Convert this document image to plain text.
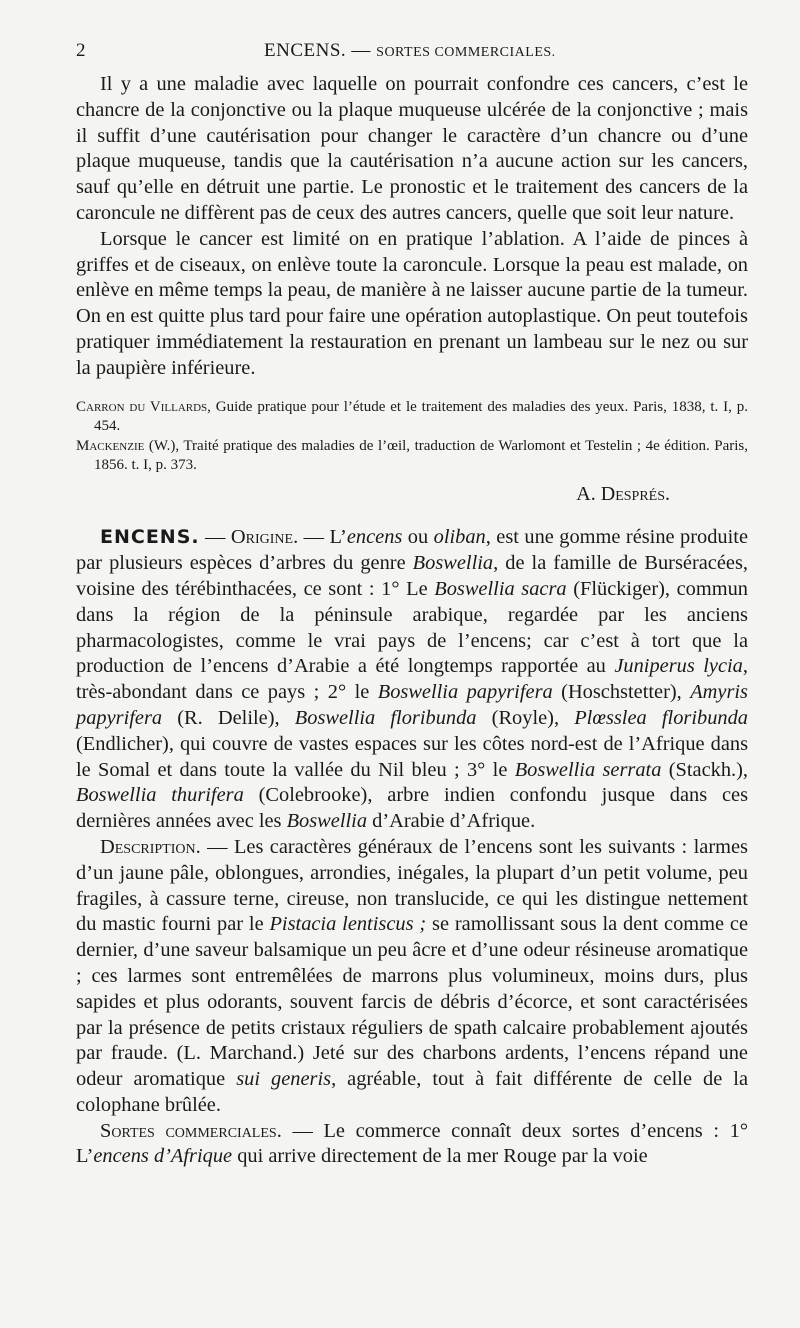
2	ENCENS. — SORTES COMMERCIALES.

Il y a une maladie avec laquelle on pourrait confondre ces cancers, c’est le chancre de la conjonctive ou la plaque muqueuse ulcérée de la conjonctive ; mais il suffit d’une cautérisation pour changer le caractère d’un chancre ou d’une plaque muqueuse, tandis que la cautérisation n’a aucune action sur les cancers, sauf qu’elle en détruit une partie. Le pronostic et le traitement des cancers de la caroncule ne diffèrent pas de ceux des autres cancers, quelle que soit leur nature.

Lorsque le cancer est limité on en pratique l’ablation. A l’aide de pinces à griffes et de ciseaux, on enlève toute la caroncule. Lorsque la peau est malade, on enlève en même temps la peau, de manière à ne laisser aucune partie de la tumeur. On en est quitte plus tard pour faire une opération autoplastique. On peut toutefois pratiquer immédiatement la restauration en prenant un lambeau sur le nez ou sur la paupière inférieure.

Carron du Villards, Guide pratique pour l’étude et le traitement des maladies des yeux. Paris, 1838, t. I, p. 454.

Mackenzie (W.), Traité pratique des maladies de l’œil, traduction de Warlomont et Testelin ; 4e édition. Paris, 1856. t. I, p. 373.

A. Després.

ENCENS. — Origine. — L’encens ou oliban, est une gomme résine produite par plusieurs espèces d’arbres du genre Boswellia, de la famille de Burséracées, voisine des térébinthacées, ce sont : 1° Le Boswellia sacra (Flückiger), commun dans la région de la péninsule arabique, regardée par les anciens pharmacologistes, comme le vrai pays de l’encens; car c’est à tort que la production de l’encens d’Arabie a été longtemps rapportée au Juniperus lycia, très-abondant dans ce pays ; 2° le Boswellia papyrifera (Hoschstetter), Amyris papyrifera (R. Delile), Boswellia floribunda (Royle), Plœsslea floribunda (Endlicher), qui couvre de vastes espaces sur les côtes nord-est de l’Afrique dans le Somal et dans toute la vallée du Nil bleu ; 3° le Boswellia serrata (Stackh.), Boswellia thurifera (Colebrooke), arbre indien confondu jusque dans ces dernières années avec les Boswellia d’Arabie d’Afrique.

Description. — Les caractères généraux de l’encens sont les suivants : larmes d’un jaune pâle, oblongues, arrondies, inégales, la plupart d’un petit volume, peu fragiles, à cassure terne, cireuse, non translucide, ce qui les distingue nettement du mastic fourni par le Pistacia lentiscus ; se ramollissant sous la dent comme ce dernier, d’une saveur balsamique un peu âcre et d’une odeur résineuse aromatique ; ces larmes sont entremêlées de marrons plus volumineux, moins durs, plus sapides et plus odorants, souvent farcis de débris d’écorce, et sont caractérisées par la présence de petits cristaux réguliers de spath calcaire probablement ajoutés par fraude. (L. Marchand.) Jeté sur des charbons ardents, l’encens répand une odeur aromatique sui generis, agréable, tout à fait différente de celle de la colophane brûlée.

Sortes commerciales. — Le commerce connaît deux sortes d’encens : 1° L’encens d’Afrique qui arrive directement de la mer Rouge par la voie
